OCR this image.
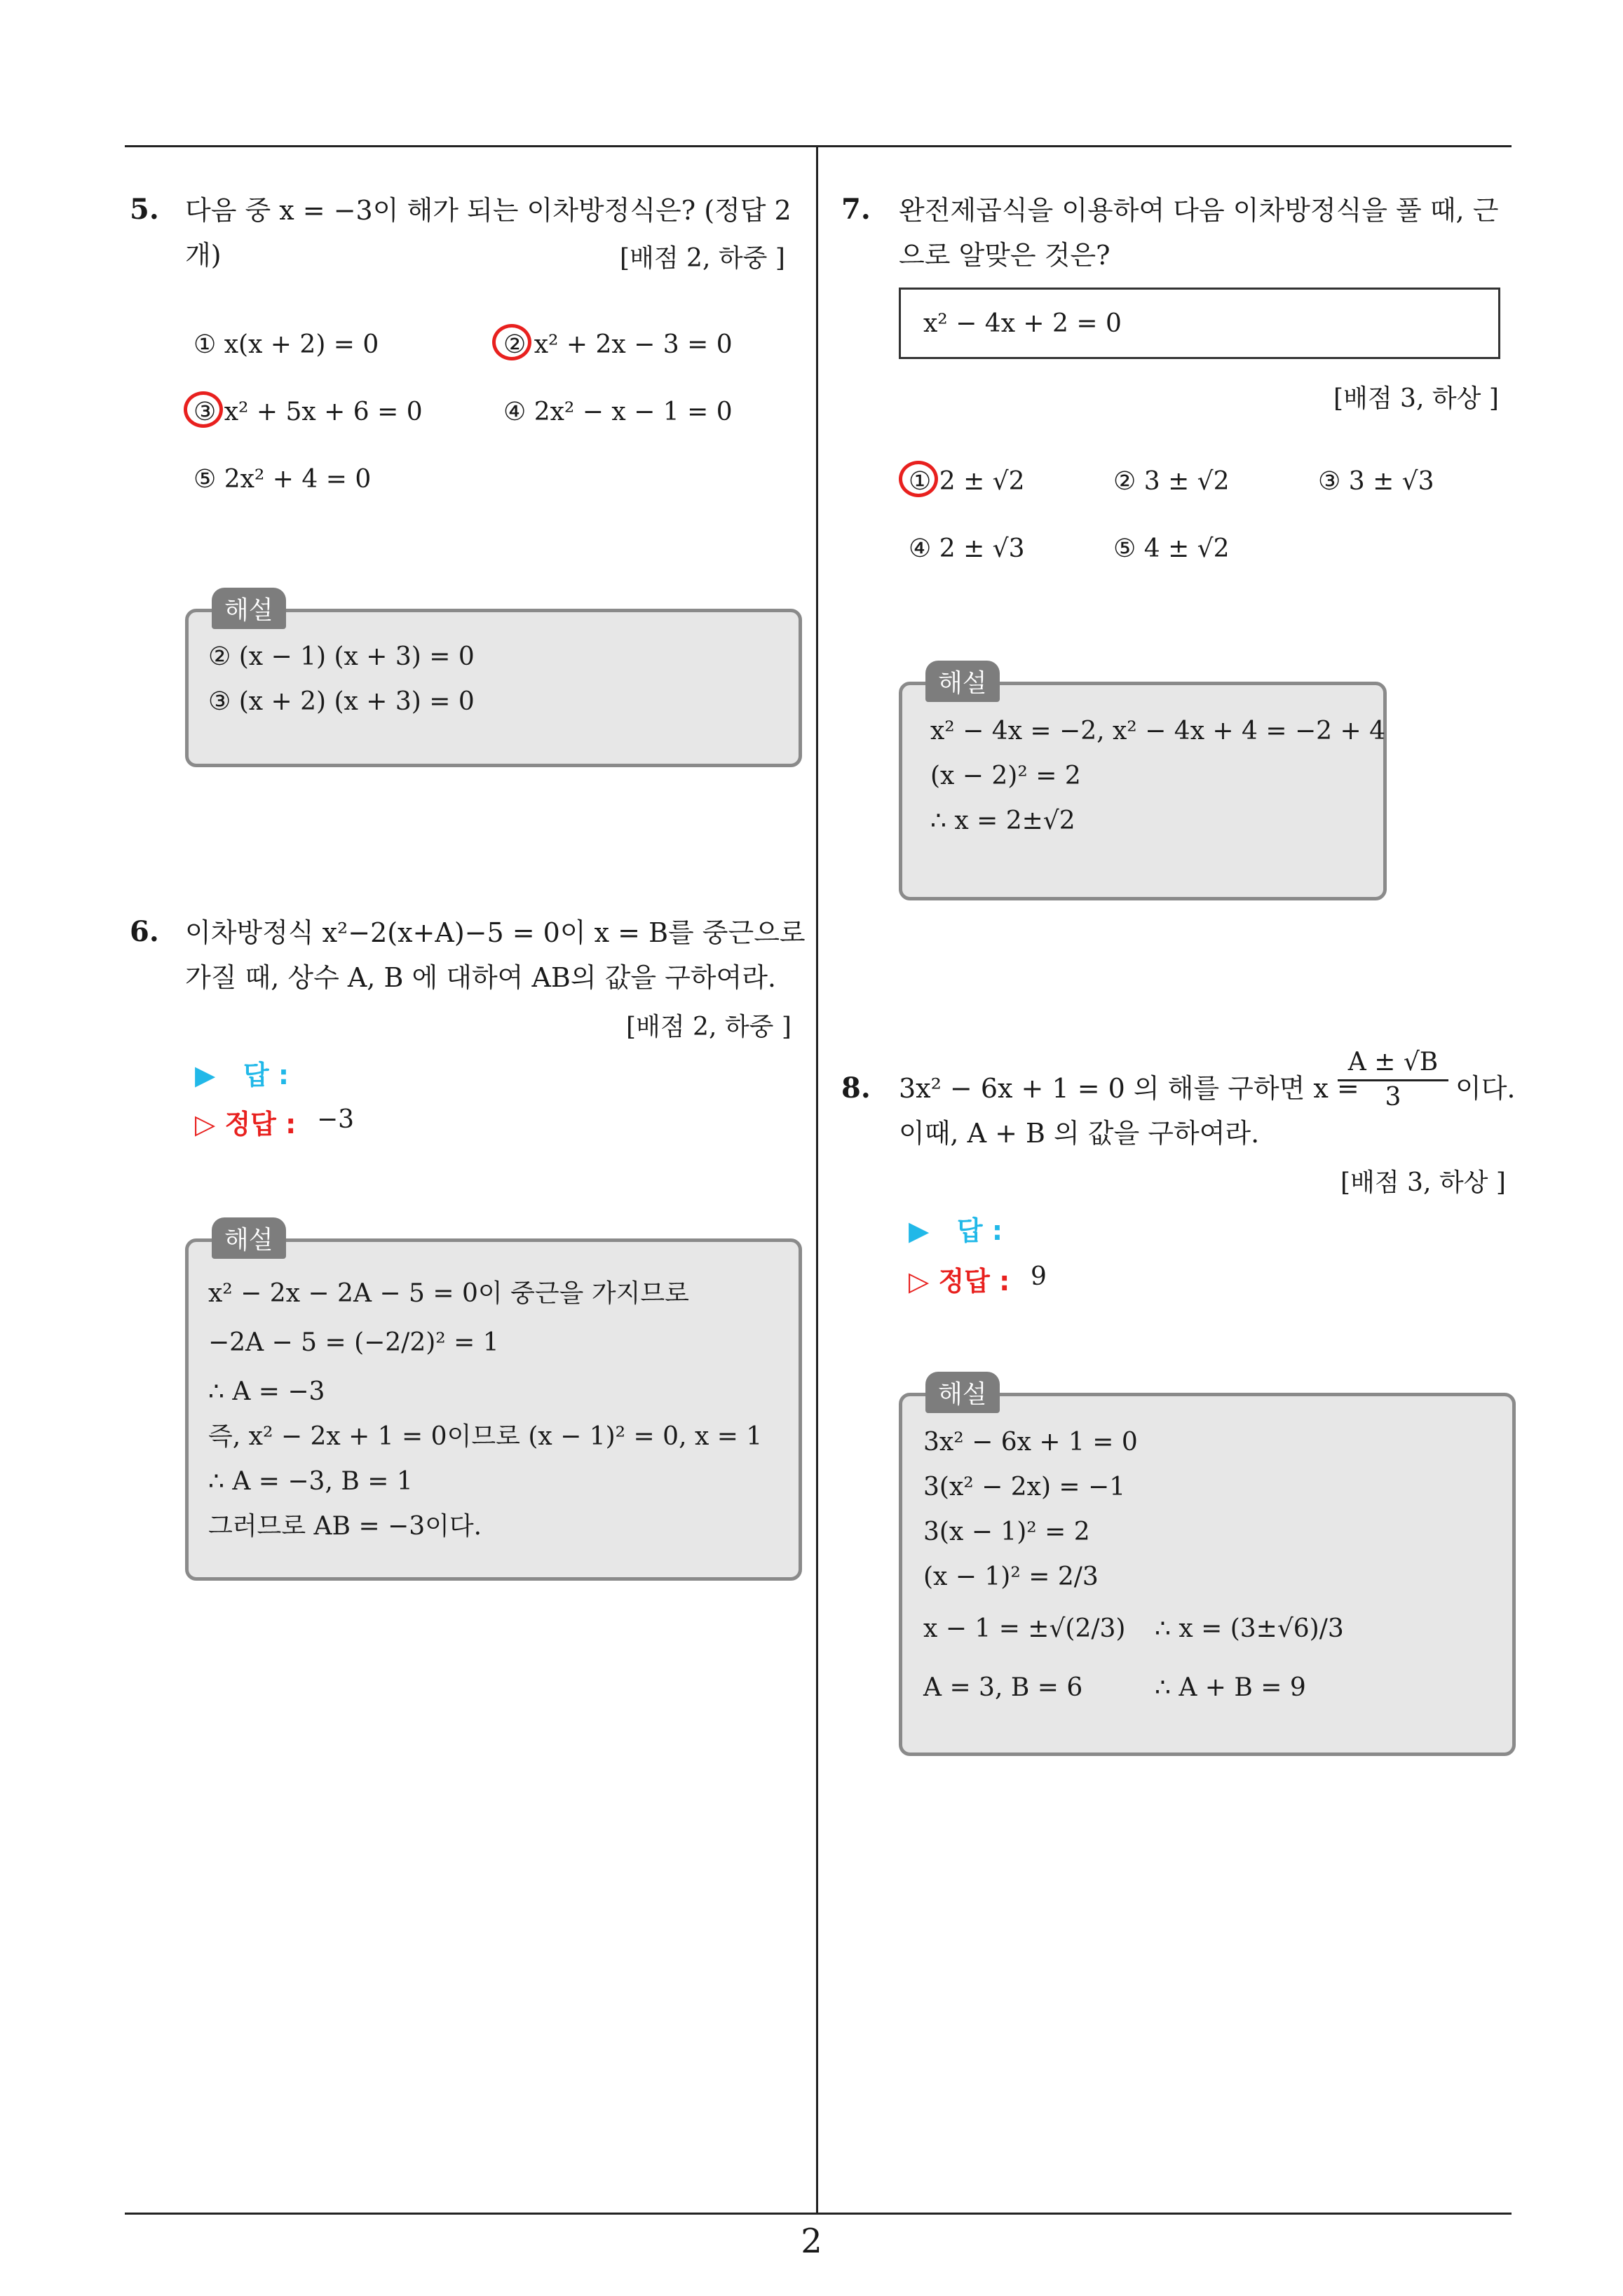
5. 다음 중 x = −3이 해가 되는 이차방정식은? (정답 2
개)	[배점 2, 하중 ]
① x(x + 2) = 0	② x² + 2x − 3 = 0
③ x² + 5x + 6 = 0	④ 2x² − x − 1 = 0
⑤ 2x² + 4 = 0
② (x − 1) (x + 3) = 0
③ (x + 2) (x + 3) = 0
해설
6. 이차방정식 x²−2(x+A)−5 = 0이 x = B를 중근으로
가질 때, 상수 A, B 에 대하여 AB의 값을 구하여라.
[배점 2, 하중 ]
▶   답 :
▷ 정답 : −3
x² − 2x − 2A − 5 = 0이 중근을 가지므로
−2A − 5 = (−2/2)² = 1
∴ A = −3
즉, x² − 2x + 1 = 0이므로 (x − 1)² = 0, x = 1
∴ A = −3, B = 1
그러므로 AB = −3이다.
해설
7. 완전제곱식을 이용하여 다음 이차방정식을 풀 때, 근
으로 알맞은 것은?
x² − 4x + 2 = 0
[배점 3, 하상 ]
① 2 ± √2	② 3 ± √2	③ 3 ± √3
④ 2 ± √3	⑤ 4 ± √2
x² − 4x = −2, x² − 4x + 4 = −2 + 4
(x − 2)² = 2
∴ x = 2±√2
해설
8. 3x² − 6x + 1 = 0 의 해를 구하면 x =
$\frac{A \pm √B}{3}$ 이다.
이때, A + B 의 값을 구하여라.
[배점 3, 하상 ]
▶   답 :
▷ 정답 : 9
3x² − 6x + 1 = 0
3(x² − 2x) = −1
3(x − 1)² = 2
(x − 1)² = 2/3
x − 1 = ±√(2/3) ∴ x = (3±√6)/3
A = 3, B = 6	∴ A + B = 9
해설
2
